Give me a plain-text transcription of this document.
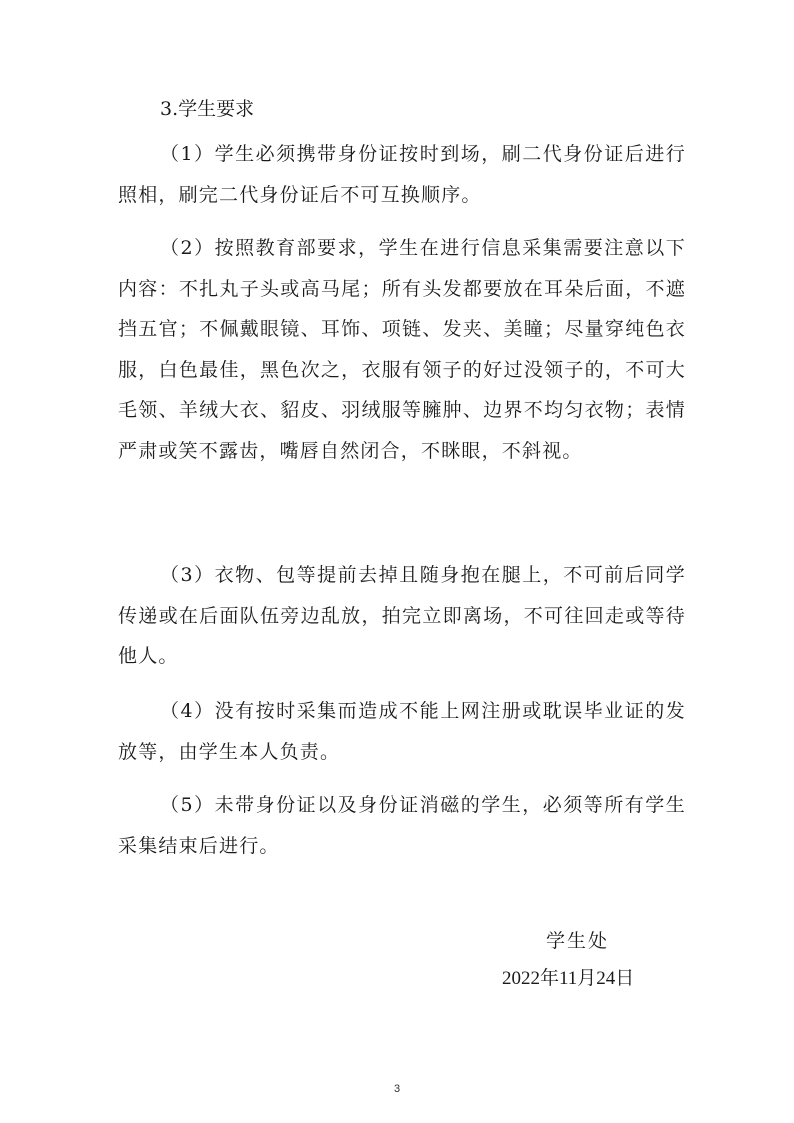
3.学生要求

（1）学生必须携带身份证按时到场，刷二代身份证后进行照相，刷完二代身份证后不可互换顺序。

（2）按照教育部要求，学生在进行信息采集需要注意以下内容：不扎丸子头或高马尾；所有头发都要放在耳朵后面，不遮挡五官；不佩戴眼镜、耳饰、项链、发夹、美瞳；尽量穿纯色衣服，白色最佳，黑色次之，衣服有领子的好过没领子的，不可大毛领、羊绒大衣、貂皮、羽绒服等臃肿、边界不均匀衣物；表情严肃或笑不露齿，嘴唇自然闭合，不眯眼，不斜视。

（3）衣物、包等提前去掉且随身抱在腿上，不可前后同学传递或在后面队伍旁边乱放，拍完立即离场，不可往回走或等待他人。

（4）没有按时采集而造成不能上网注册或耽误毕业证的发放等，由学生本人负责。

（5）未带身份证以及身份证消磁的学生，必须等所有学生采集结束后进行。

学生处
2022年11月24日
3
